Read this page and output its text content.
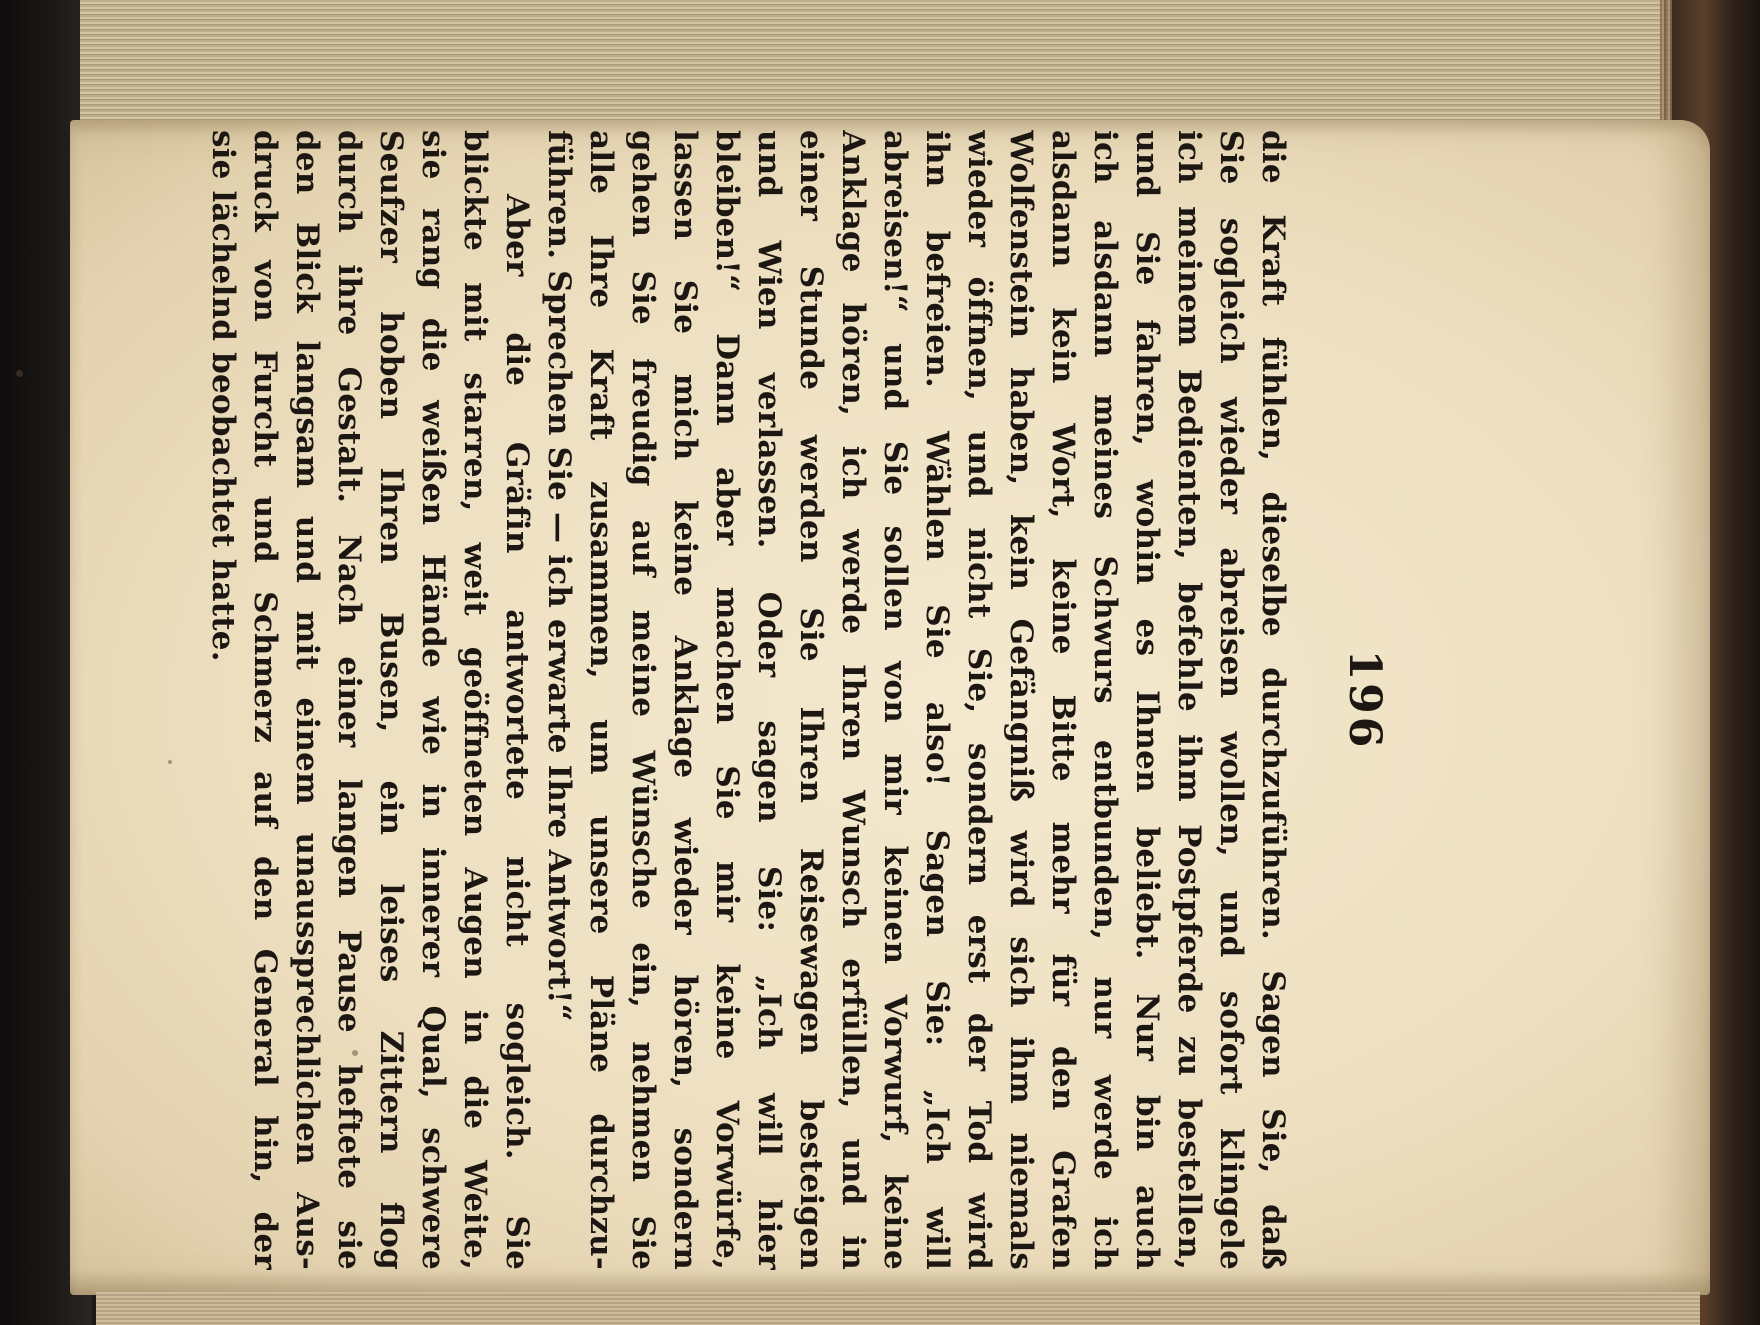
196
die Kraft fühlen, dieselbe durchzuführen. Sagen Sie, daß
Sie sogleich wieder abreisen wollen, und sofort klingele
ich meinem Bedienten, befehle ihm Postpferde zu bestellen,
und Sie fahren, wohin es Ihnen beliebt. Nur bin auch
ich alsdann meines Schwurs entbunden, nur werde ich
alsdann kein Wort, keine Bitte mehr für den Grafen
Wolfenstein haben, kein Gefängniß wird sich ihm niemals
wieder öffnen, und nicht Sie, sondern erst der Tod wird
ihn befreien. Wählen Sie also! Sagen Sie: „Ich will
abreisen!“ und Sie sollen von mir keinen Vorwurf, keine
Anklage hören, ich werde Ihren Wunsch erfüllen, und in
einer Stunde werden Sie Ihren Reisewagen besteigen
und Wien verlassen. Oder sagen Sie: „Ich will hier
bleiben!“ Dann aber machen Sie mir keine Vorwürfe,
lassen Sie mich keine Anklage wieder hören, sondern
gehen Sie freudig auf meine Wünsche ein, nehmen Sie
alle Ihre Kraft zusammen, um unsere Pläne durchzu-
führen. Sprechen Sie — ich erwarte Ihre Antwort!“
Aber die Gräfin antwortete nicht sogleich. Sie
blickte mit starren, weit geöffneten Augen in die Weite,
sie rang die weißen Hände wie in innerer Qual, schwere
Seufzer hoben Ihren Busen, ein leises Zittern flog
durch ihre Gestalt. Nach einer langen Pause heftete sie
den Blick langsam und mit einem unaussprechlichen Aus-
druck von Furcht und Schmerz auf den General hin, der
sie lächelnd beobachtet hatte.
